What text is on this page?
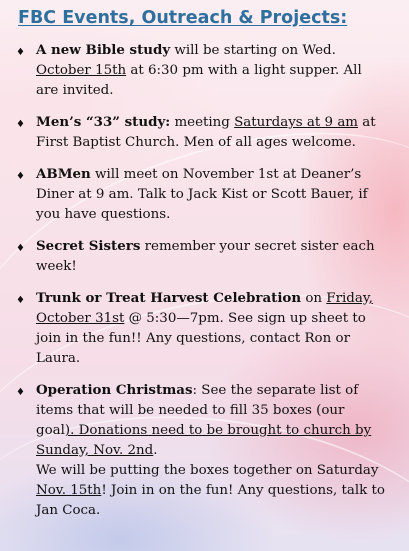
FBC Events, Outreach & Projects:
♦ A new Bible study will be starting on Wed. October 15th at 6:30 pm with a light supper. All are invited.
♦ Men’s “33” study: meeting Saturdays at 9 am at First Baptist Church. Men of all ages welcome.
♦ ABMen will meet on November 1st at Deaner’s Diner at 9 am. Talk to Jack Kist or Scott Bauer, if you have questions.
♦ Secret Sisters remember your secret sister each week!
♦ Trunk or Treat Harvest Celebration on Friday, October 31st @ 5:30—7pm. See sign up sheet to join in the fun!! Any questions, contact Ron or Laura.
♦ Operation Christmas: See the separate list of items that will be needed to fill 35 boxes (our goal). Donations need to be brought to church by Sunday, Nov. 2nd.
We will be putting the boxes together on Saturday Nov. 15th! Join in on the fun! Any questions, talk to Jan Coca.
